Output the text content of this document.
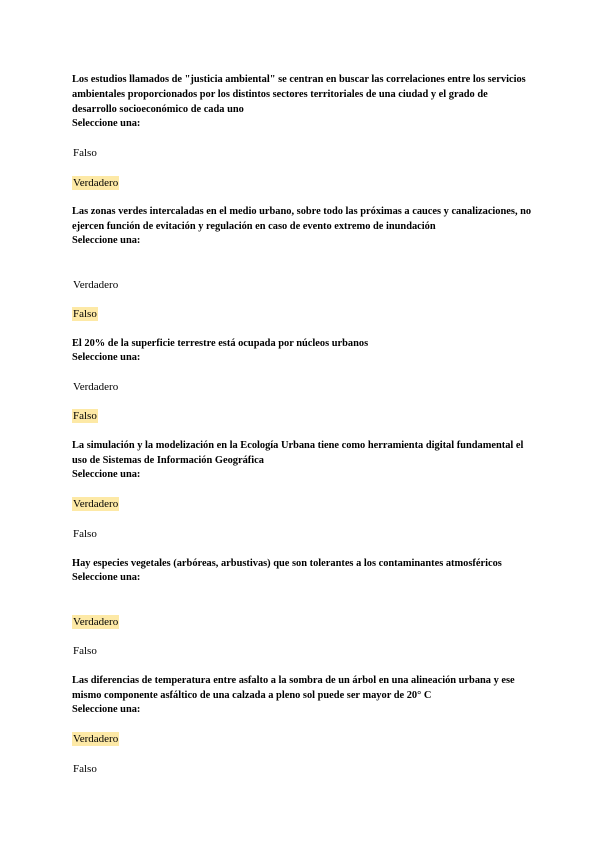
Los estudios llamados de "justicia ambiental" se centran en buscar las correlaciones entre los servicios ambientales proporcionados por los distintos sectores territoriales de una ciudad y el grado de desarrollo socioeconómico de cada uno

Seleccione una:

Falso
Verdadero

Las zonas verdes intercaladas en el medio urbano, sobre todo las próximas a cauces y canalizaciones, no ejercen función de evitación y regulación en caso de evento extremo de inundación

Seleccione una:

Verdadero
Falso

El 20% de la superficie terrestre está ocupada por núcleos urbanos

Seleccione una:

Verdadero
Falso

La simulación y la modelización en la Ecología Urbana tiene como herramienta digital fundamental el uso de Sistemas de Información Geográfica

Seleccione una:

Verdadero
Falso

Hay especies vegetales (arbóreas, arbustivas) que son tolerantes a los contaminantes atmosféricos

Seleccione una:

Verdadero
Falso

Las diferencias de temperatura entre asfalto a la sombra de un árbol en una alineación urbana y ese mismo componente asfáltico de una calzada a pleno sol puede ser mayor de 20° C

Seleccione una:

Verdadero
Falso
